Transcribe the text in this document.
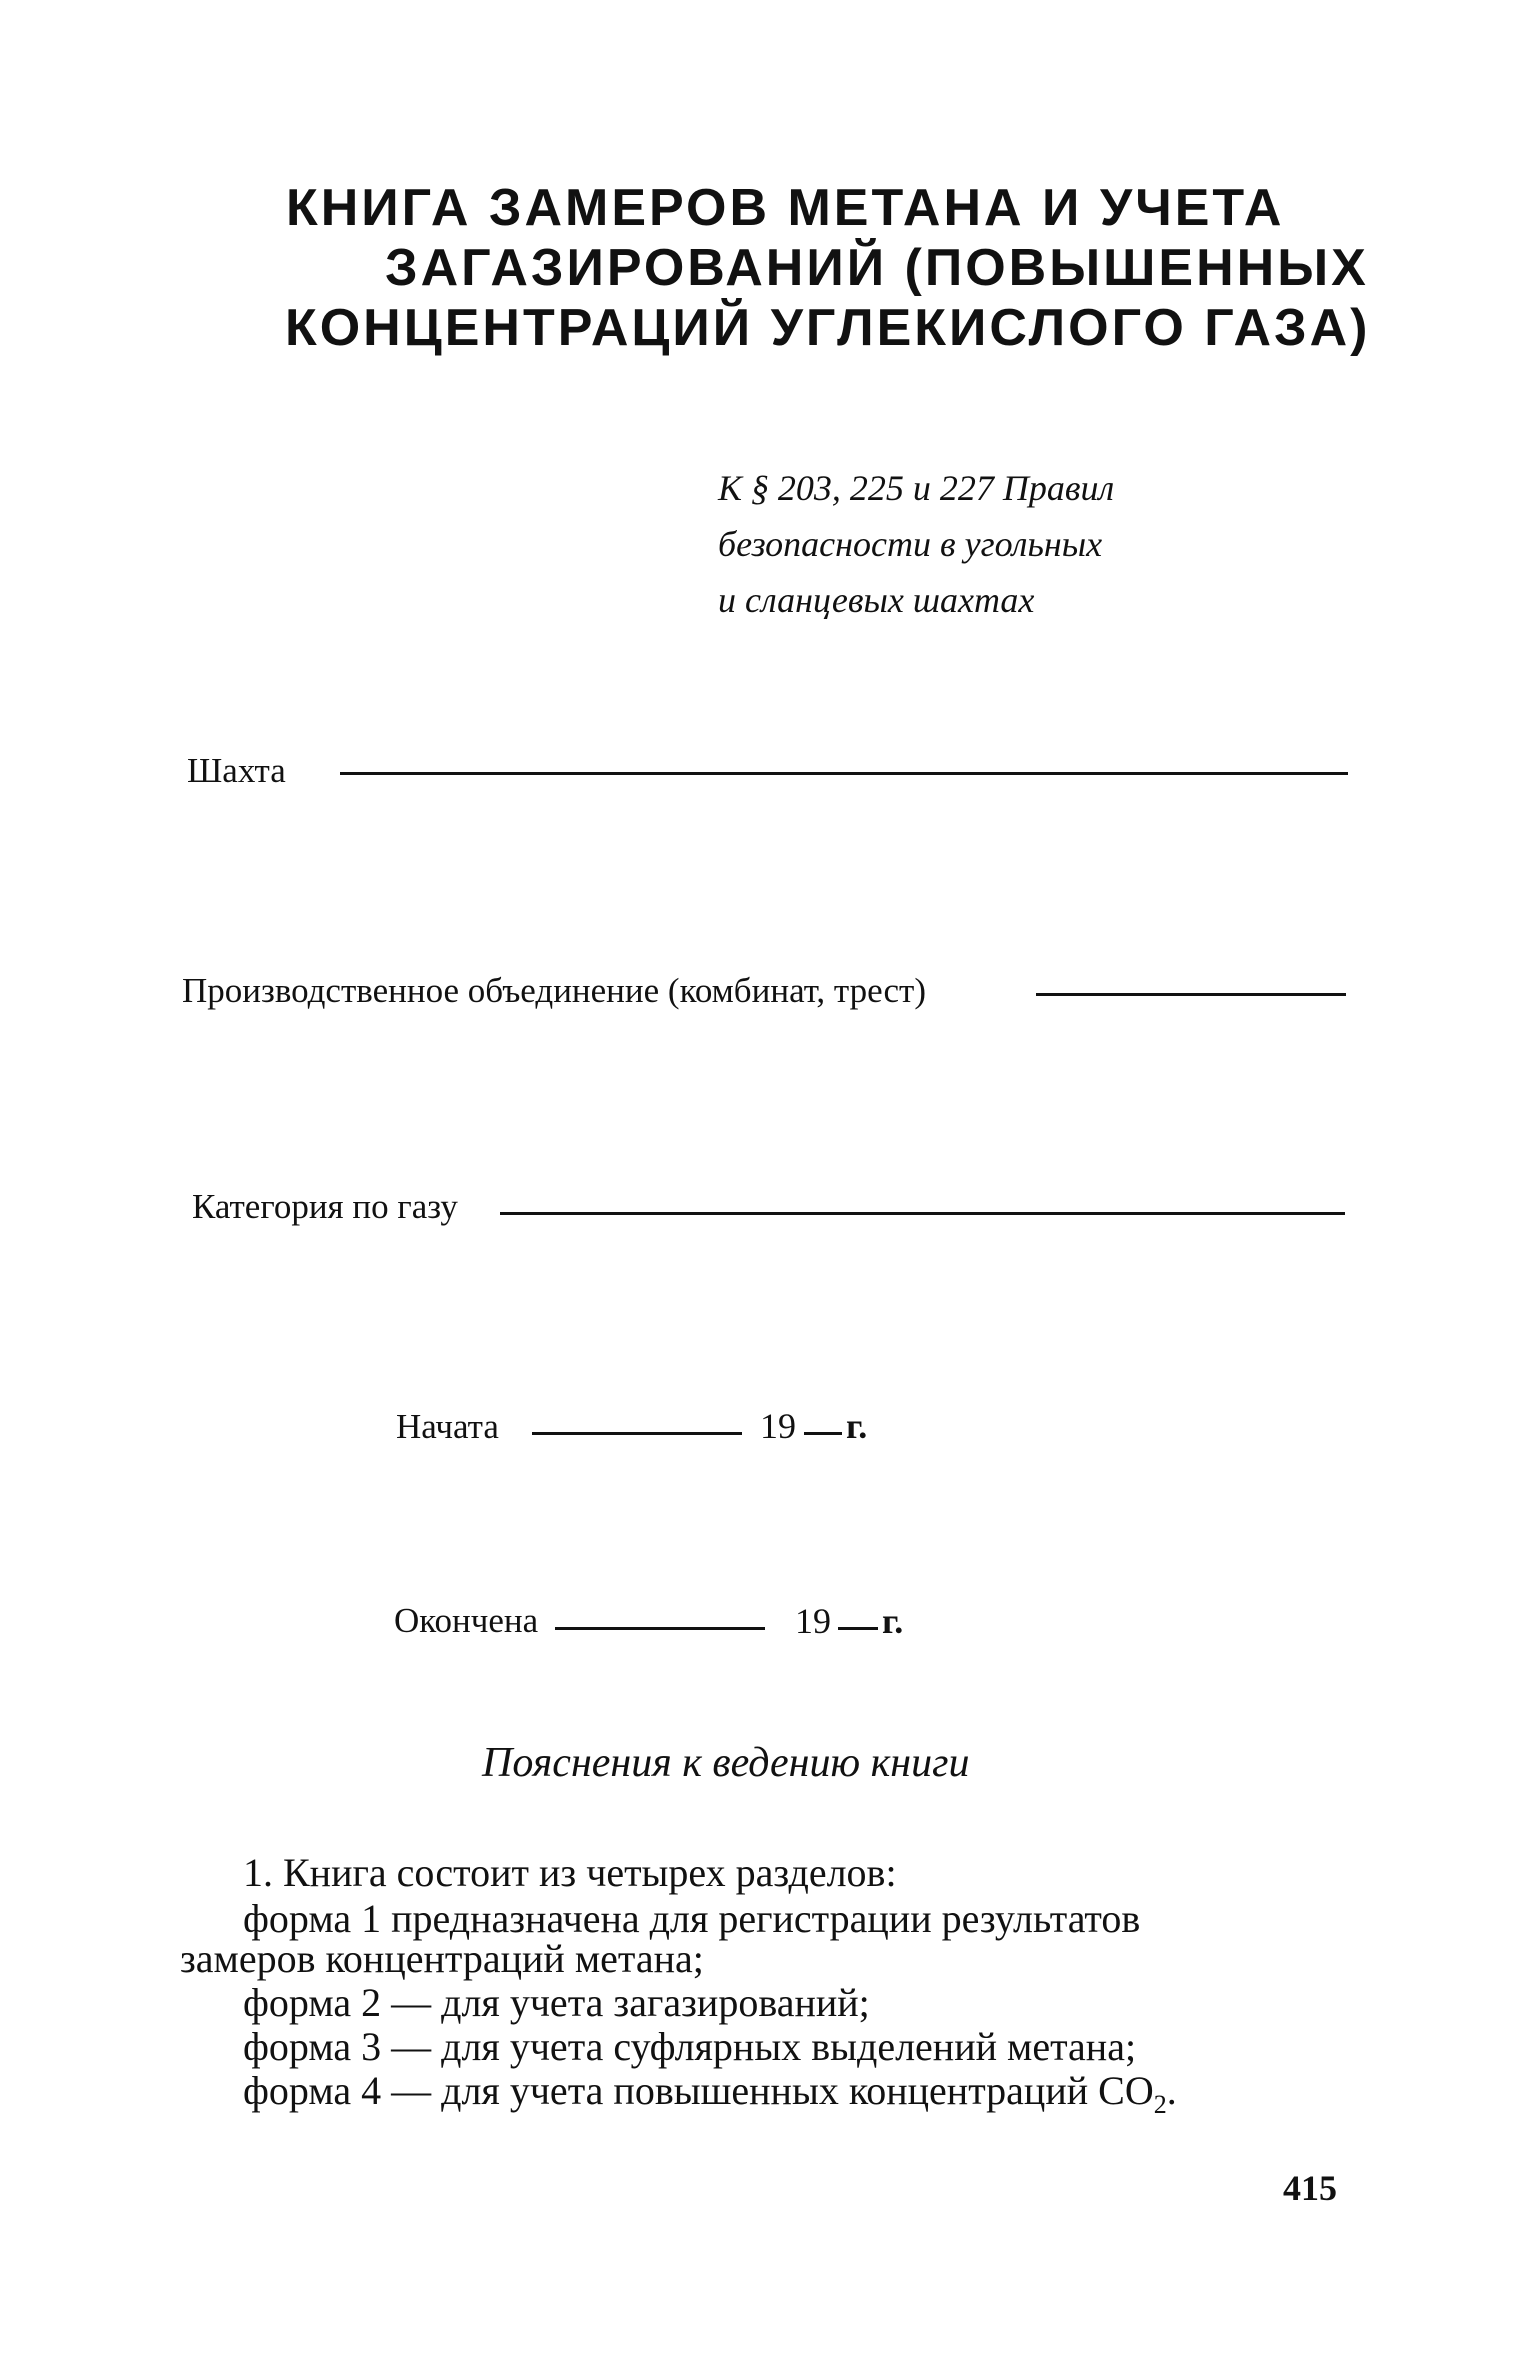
КНИГА ЗАМЕРОВ МЕТАНА И УЧЕТА
ЗАГАЗИРОВАНИЙ (ПОВЫШЕННЫХ
КОНЦЕНТРАЦИЙ УГЛЕКИСЛОГО ГАЗА)
К § 203, 225 и 227 Правил
безопасности в угольных
и сланцевых шахтах
Шахта
Производственное объединение (комбинат, трест)
Категория по газу
Начата	19 г.
Окончена	19 г.
Пояснения к ведению книги
1. Книга состоит из четырех разделов:
форма 1 предназначена для регистрации результатов
замеров концентраций метана;
форма 2 — для учета загазирований;
форма 3 — для учета суфлярных выделений метана;
форма 4 — для учета повышенных концентраций $CO_2$.
415
